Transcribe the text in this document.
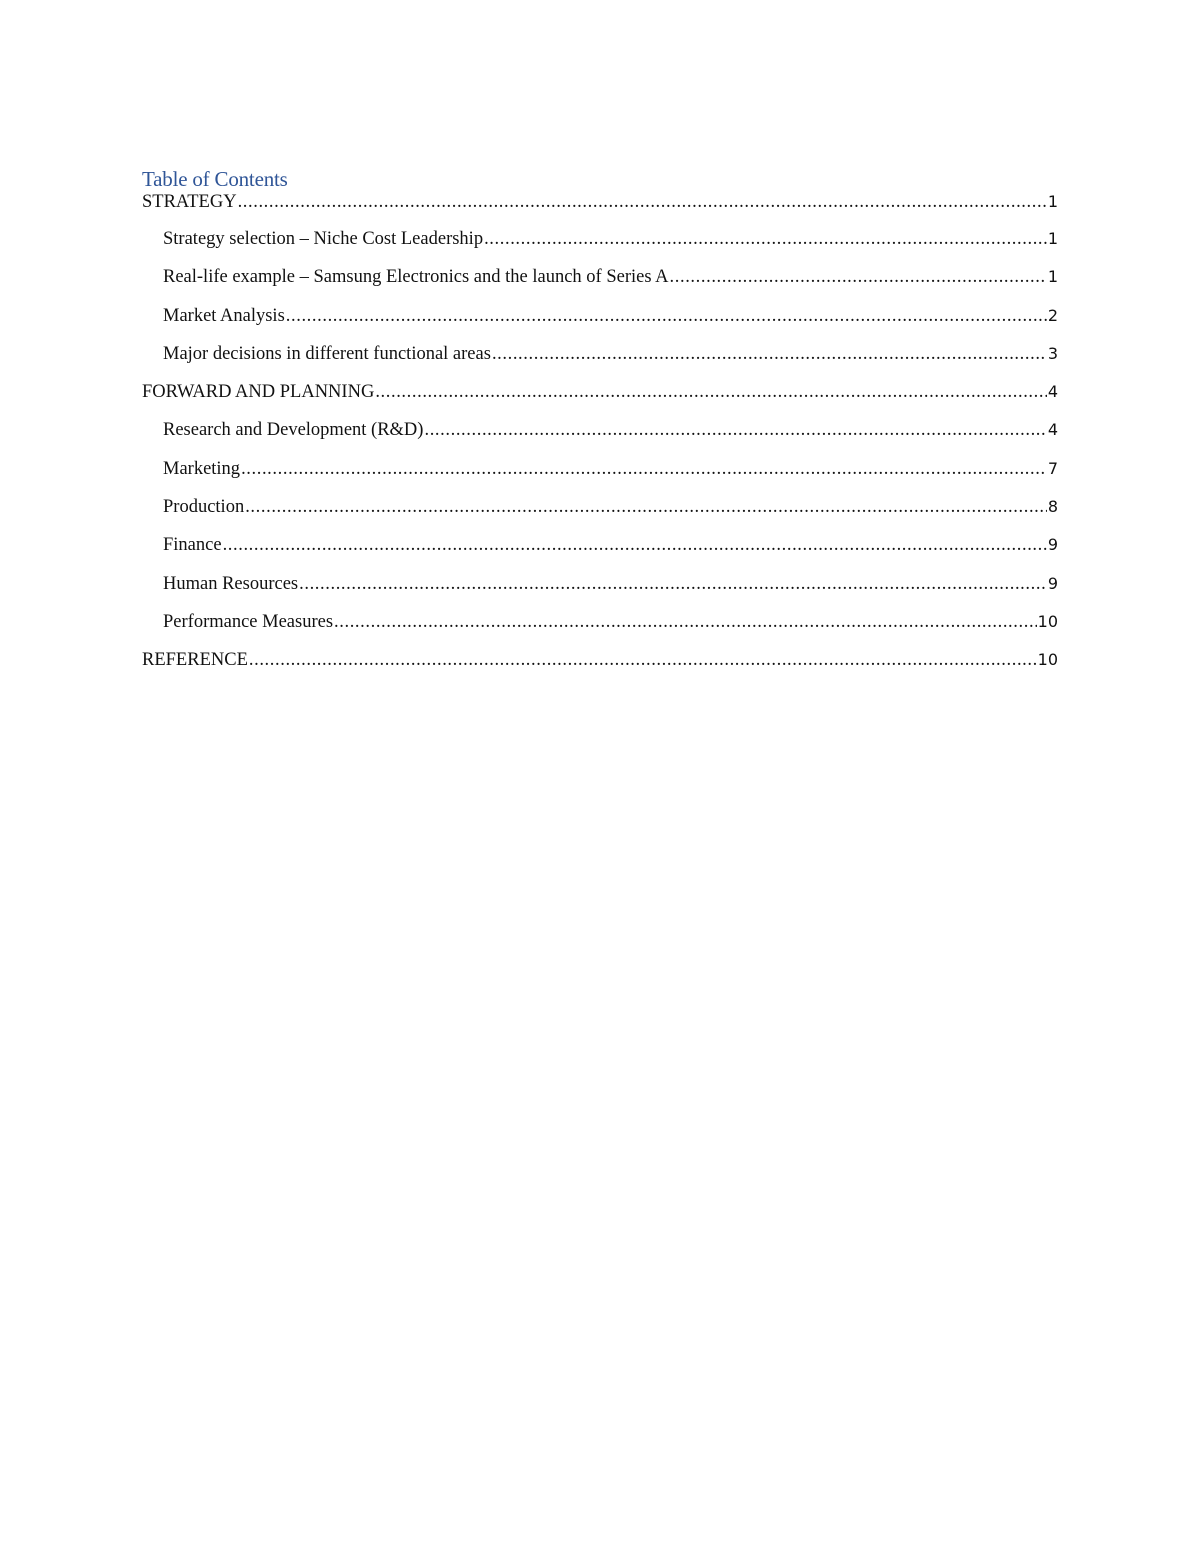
Table of Contents
STRATEGY .....	1
Strategy selection – Niche Cost Leadership .....	1
Real-life example – Samsung Electronics and the launch of Series A .....	1
Market Analysis .....	2
Major decisions in different functional areas .....	3
FORWARD AND PLANNING .....	4
Research and Development (R&D) .....	4
Marketing .....	7
Production .....	8
Finance .....	9
Human Resources .....	9
Performance Measures .....	10
REFERENCE .....	10
